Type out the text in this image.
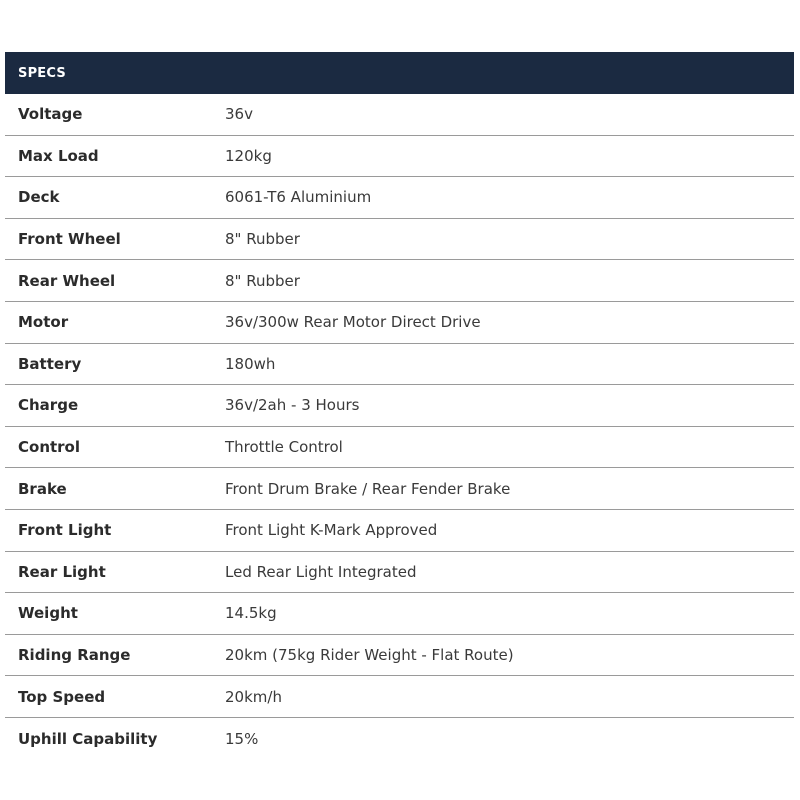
SPECS
Voltage	36v
Max Load	120kg
Deck	6061-T6 Aluminium
Front Wheel	8" Rubber
Rear Wheel	8" Rubber
Motor	36v/300w Rear Motor Direct Drive
Battery	180wh
Charge	36v/2ah - 3 Hours
Control	Throttle Control
Brake	Front Drum Brake / Rear Fender Brake
Front Light	Front Light K-Mark Approved
Rear Light	Led Rear Light Integrated
Weight	14.5kg
Riding Range	20km (75kg Rider Weight - Flat Route)
Top Speed	20km/h
Uphill Capability	15%
